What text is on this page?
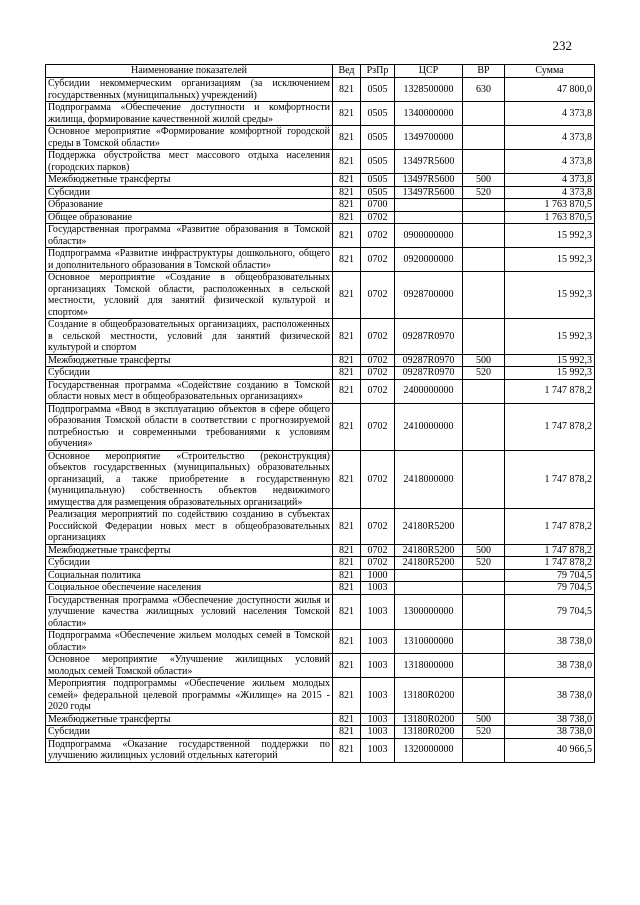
232
Наименование показателей	Вед	РзПр	ЦСР	ВР	Сумма
Субсидии некоммерческим организациям (за исключением государственных (муниципальных) учреждений)	821	0505	1328500000	630	47 800,0
Подпрограмма «Обеспечение доступности и комфортности жилища, формирование качественной жилой среды»	821	0505	1340000000		4 373,8
Основное мероприятие «Формирование комфортной городской среды в Томской области»	821	0505	1349700000		4 373,8
Поддержка обустройства мест массового отдыха населения (городских парков)	821	0505	13497R5600		4 373,8
Межбюджетные трансферты	821	0505	13497R5600	500	4 373,8
Субсидии	821	0505	13497R5600	520	4 373,8
Образование	821	0700			1 763 870,5
Общее образование	821	0702			1 763 870,5
Государственная программа «Развитие образования в Томской области»	821	0702	0900000000		15 992,3
Подпрограмма «Развитие инфраструктуры дошкольного, общего и дополнительного образования в Томской области»	821	0702	0920000000		15 992,3
Основное мероприятие «Создание в общеобразовательных организациях Томской области, расположенных в сельской местности, условий для занятий физической культурой и спортом»	821	0702	0928700000		15 992,3
Создание в общеобразовательных организациях, расположенных в сельской местности, условий для занятий физической культурой и спортом	821	0702	09287R0970		15 992,3
Межбюджетные трансферты	821	0702	09287R0970	500	15 992,3
Субсидии	821	0702	09287R0970	520	15 992,3
Государственная программа «Содействие созданию в Томской области новых мест в общеобразовательных организациях»	821	0702	2400000000		1 747 878,2
Подпрограмма «Ввод в эксплуатацию объектов в сфере общего образования Томской области в соответствии с прогнозируемой потребностью и современными требованиями к условиям обучения»	821	0702	2410000000		1 747 878,2
Основное мероприятие «Строительство (реконструкция) объектов государственных (муниципальных) образовательных организаций, а также приобретение в государственную (муниципальную) собственность объектов недвижимого имущества для размещения образовательных организаций»	821	0702	2418000000		1 747 878,2
Реализация мероприятий по содействию созданию в субъектах Российской Федерации новых мест в общеобразовательных организациях	821	0702	24180R5200		1 747 878,2
Межбюджетные трансферты	821	0702	24180R5200	500	1 747 878,2
Субсидии	821	0702	24180R5200	520	1 747 878,2
Социальная политика	821	1000			79 704,5
Социальное обеспечение населения	821	1003			79 704,5
Государственная программа «Обеспечение доступности жилья и улучшение качества жилищных условий населения Томской области»	821	1003	1300000000		79 704,5
Подпрограмма «Обеспечение жильем молодых семей в Томской области»	821	1003	1310000000		38 738,0
Основное мероприятие «Улучшение жилищных условий молодых семей Томской области»	821	1003	1318000000		38 738,0
Мероприятия подпрограммы «Обеспечение жильем молодых семей» федеральной целевой программы «Жилище» на 2015 - 2020 годы	821	1003	13180R0200		38 738,0
Межбюджетные трансферты	821	1003	13180R0200	500	38 738,0
Субсидии	821	1003	13180R0200	520	38 738,0
Подпрограмма «Оказание государственной поддержки по улучшению жилищных условий отдельных категорий	821	1003	1320000000		40 966,5
